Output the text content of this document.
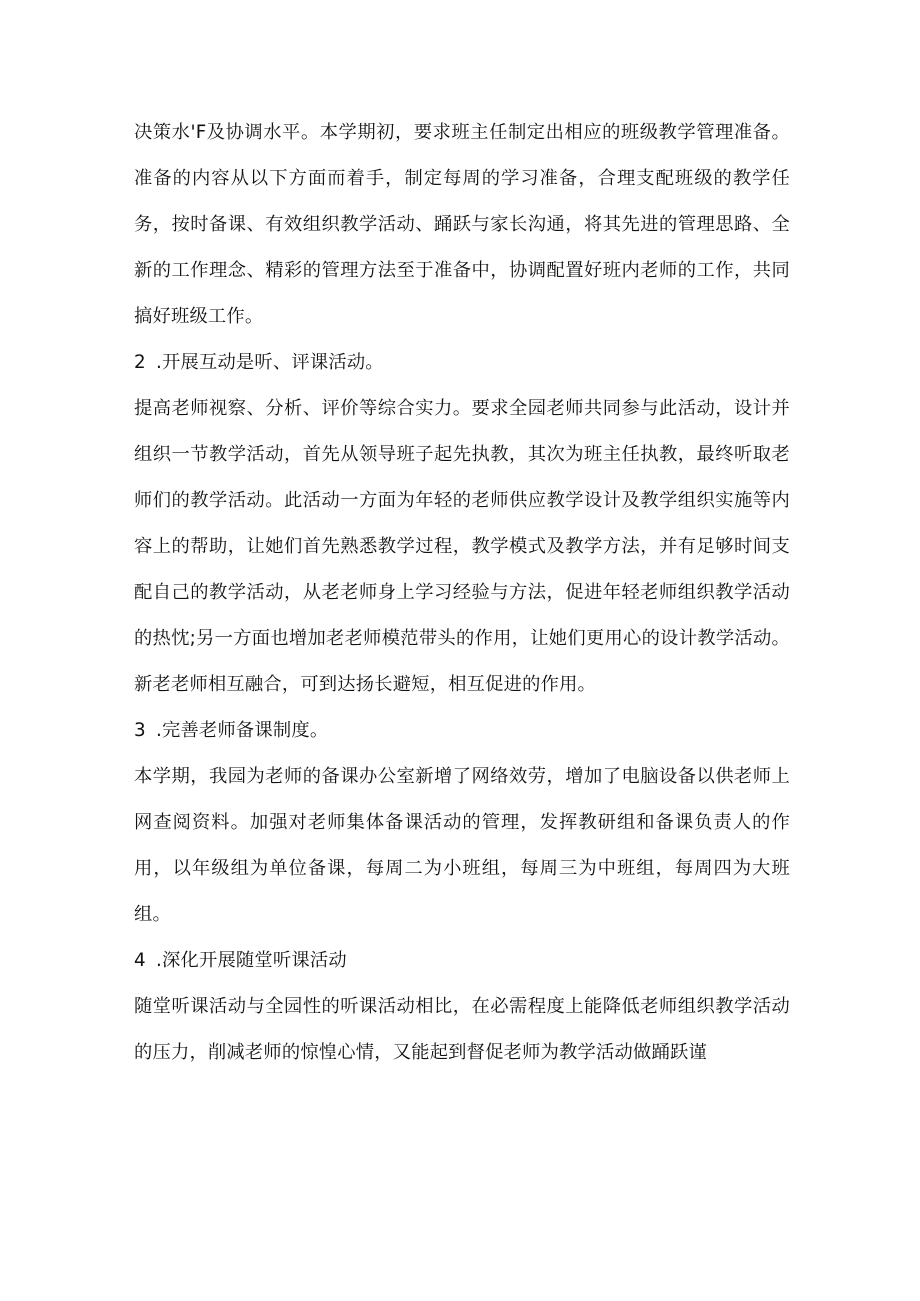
决策水'F及协调水平。本学期初，要求班主任制定出相应的班级教学管理准备。准备的内容从以下方面而着手，制定每周的学习准备，合理支配班级的教学任务，按时备课、有效组织教学活动、踊跃与家长沟通，将其先进的管理思路、全新的工作理念、精彩的管理方法至于准备中，协调配置好班内老师的工作，共同搞好班级工作。

2 .开展互动是听、评课活动。

提高老师视察、分析、评价等综合实力。要求全园老师共同参与此活动，设计并组织一节教学活动，首先从领导班子起先执教，其次为班主任执教，最终听取老师们的教学活动。此活动一方面为年轻的老师供应教学设计及教学组织实施等内容上的帮助，让她们首先熟悉教学过程，教学模式及教学方法，并有足够时间支配自己的教学活动，从老老师身上学习经验与方法，促进年轻老师组织教学活动的热忱;另一方面也增加老老师模范带头的作用，让她们更用心的设计教学活动。新老老师相互融合，可到达扬长避短，相互促进的作用。

3 .完善老师备课制度。

本学期，我园为老师的备课办公室新增了网络效劳，增加了电脑设备以供老师上网查阅资料。加强对老师集体备课活动的管理，发挥教研组和备课负责人的作用，以年级组为单位备课，每周二为小班组，每周三为中班组，每周四为大班组。

4 .深化开展随堂听课活动

随堂听课活动与全园性的听课活动相比，在必需程度上能降低老师组织教学活动的压力，削减老师的惊惶心情，又能起到督促老师为教学活动做踊跃谨
